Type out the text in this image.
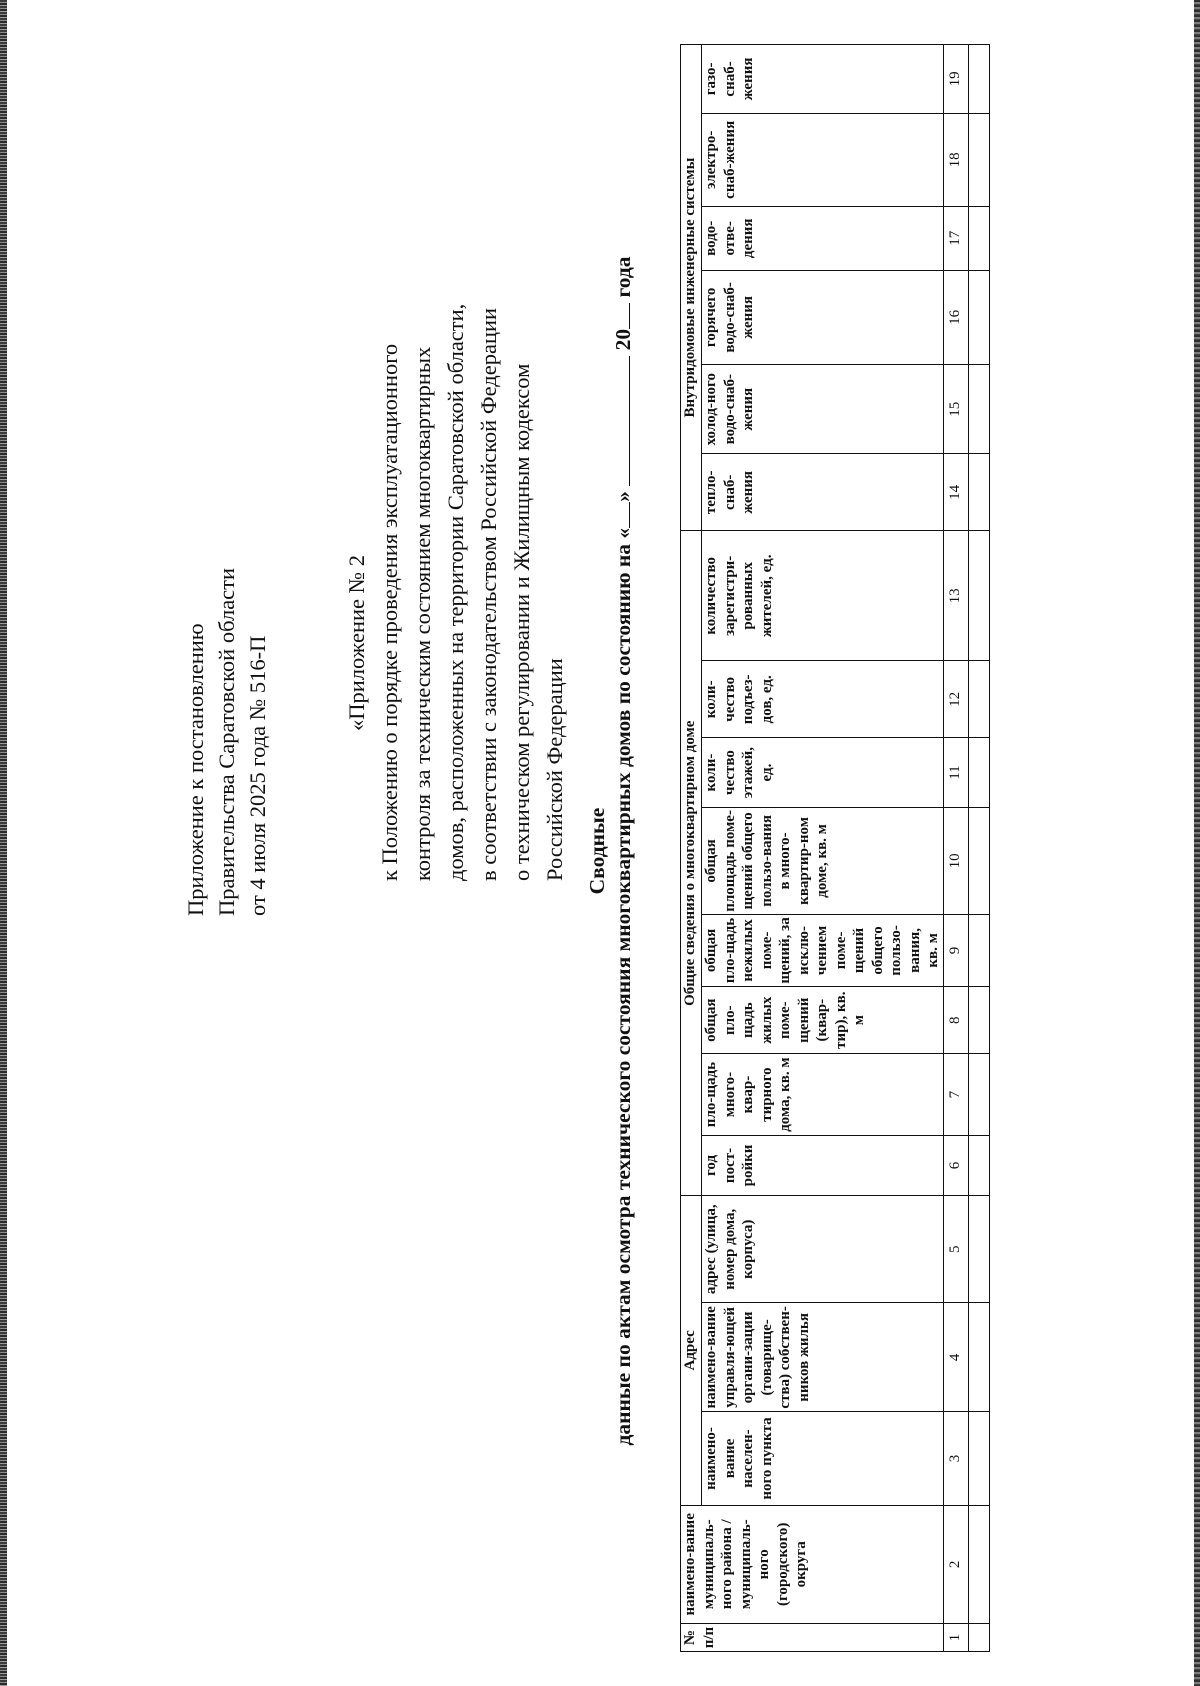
Приложение к постановлению Правительства Саратовской области от 4 июля 2025 года № 516-П	«Приложение № 2 к Положению о порядке проведения эксплуатационного контроля за техническим состоянием многоквартирных домов, расположенных на территории Саратовской области, в соответствии с законодательством Российской Федерации о техническом регулировании и Жилищным кодексом Российской Федерации Сводные данные по актам осмотра технического состояния многоквартирных домов по состоянию на «»  20 года
№ п/п	наимено-вание муниципаль-ного района / муниципаль-ного (городского) округа	Адрес			Общие сведения о многоквартирном доме								Внутридомовые инженерные системы					
		наимено-вание населен-ного пункта	наимено-вание управля-ющей органи-зации (товарище-ства) собствен-ников жилья	адрес (улица, номер дома, корпуса)	год пост-ройки	пло-щадь много-квар-тирного дома, кв. м	общая пло-щадь жилых поме-щений (квар-тир), кв. м	общая пло-щадь нежилых поме-щений, за исклю-чением поме-щений общего пользо-вания, кв. м	общая площадь поме-щений общего пользо-вания в много-квартир-ном доме, кв. м	коли-чество этажей, ед.	коли-чество подъез-дов, ед.	количество зарегистри-рованных жителей, ед.	тепло-снаб-жения	холод-ного водо-снаб-жения	горячего водо-снаб-жения	водо-отве-дения	электро-снаб-жения	газо-снаб-жения
1	2	3	4	5	6	7	8	9	10	11	12	13	14	15	16	17	18	19
